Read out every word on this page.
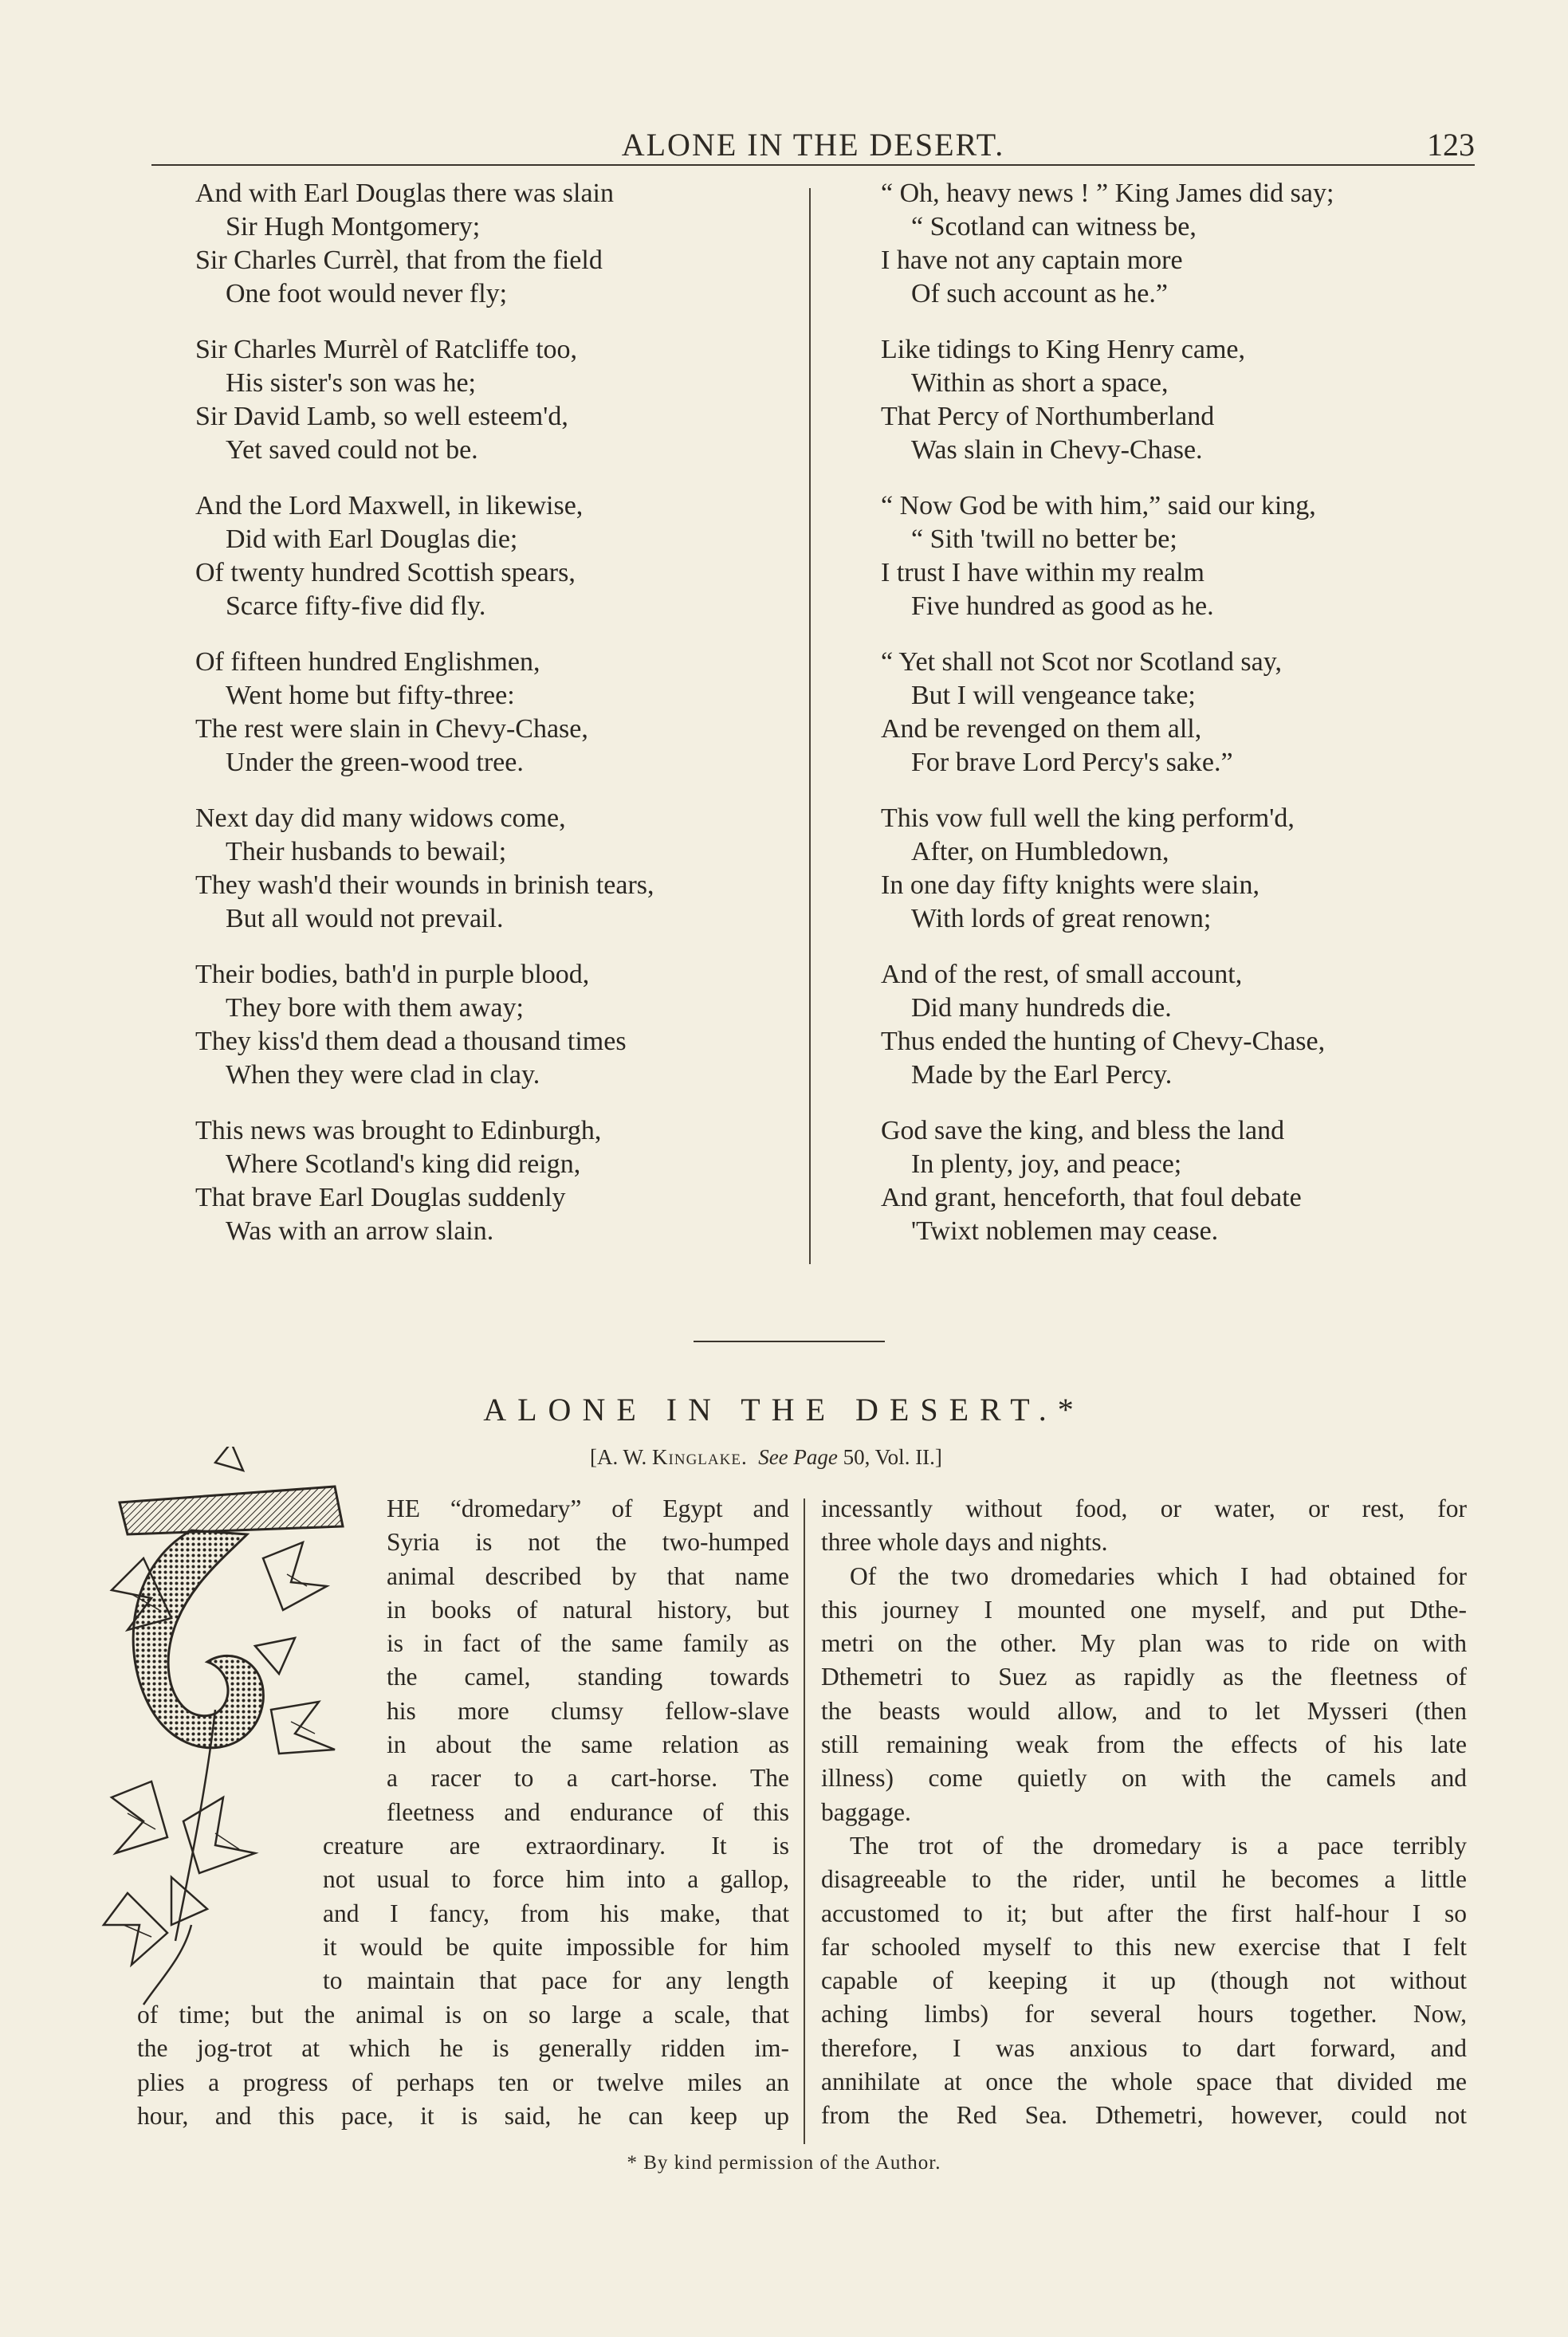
ALONE IN THE DESERT.	123
And with Earl Douglas there was slain
Sir Hugh Montgomery;
Sir Charles Currèl, that from the field
One foot would never fly;
Sir Charles Murrèl of Ratcliffe too,
His sister's son was he;
Sir David Lamb, so well esteem'd,
Yet saved could not be.
And the Lord Maxwell, in likewise,
Did with Earl Douglas die;
Of twenty hundred Scottish spears,
Scarce fifty-five did fly.
Of fifteen hundred Englishmen,
Went home but fifty-three:
The rest were slain in Chevy-Chase,
Under the green-wood tree.
Next day did many widows come,
Their husbands to bewail;
They wash'd their wounds in brinish tears,
But all would not prevail.
Their bodies, bath'd in purple blood,
They bore with them away;
They kiss'd them dead a thousand times
When they were clad in clay.
This news was brought to Edinburgh,
Where Scotland's king did reign,
That brave Earl Douglas suddenly
Was with an arrow slain.
“ Oh, heavy news ! ” King James did say;
“ Scotland can witness be,
I have not any captain more
Of such account as he.”
Like tidings to King Henry came,
Within as short a space,
That Percy of Northumberland
Was slain in Chevy-Chase.
“ Now God be with him,” said our king,
“ Sith 'twill no better be;
I trust I have within my realm
Five hundred as good as he.
“ Yet shall not Scot nor Scotland say,
But I will vengeance take;
And be revenged on them all,
For brave Lord Percy's sake.”
This vow full well the king perform'd,
After, on Humbledown,
In one day fifty knights were slain,
With lords of great renown;
And of the rest, of small account,
Did many hundreds die.
Thus ended the hunting of Chevy-Chase,
Made by the Earl Percy.
God save the king, and bless the land
In plenty, joy, and peace;
And grant, henceforth, that foul debate
'Twixt noblemen may cease.
ALONE IN THE DESERT.*
[A. W. Kinglake. See Page 50, Vol. II.]
HE “dromedary” of Egypt and
Syria is not the two-humped
animal described by that name
in books of natural history, but
is in fact of the same family as
the camel, standing towards
his more clumsy fellow-slave
in about the same relation as
a racer to a cart-horse. The
fleetness and endurance of this
creature are extraordinary. It is
not usual to force him into a gallop,
and I fancy, from his make, that
it would be quite impossible for him
to maintain that pace for any length
of time; but the animal is on so large a scale, that
the jog-trot at which he is generally ridden im-
plies a progress of perhaps ten or twelve miles an
hour, and this pace, it is said, he can keep up
incessantly without food, or water, or rest, for
three whole days and nights.
Of the two dromedaries which I had obtained for
this journey I mounted one myself, and put Dthe-
metri on the other. My plan was to ride on with
Dthemetri to Suez as rapidly as the fleetness of
the beasts would allow, and to let Mysseri (then
still remaining weak from the effects of his late
illness) come quietly on with the camels and
baggage.
The trot of the dromedary is a pace terribly
disagreeable to the rider, until he becomes a little
accustomed to it; but after the first half-hour I so
far schooled myself to this new exercise that I felt
capable of keeping it up (though not without
aching limbs) for several hours together. Now,
therefore, I was anxious to dart forward, and
annihilate at once the whole space that divided me
from the Red Sea. Dthemetri, however, could not
* By kind permission of the Author.
